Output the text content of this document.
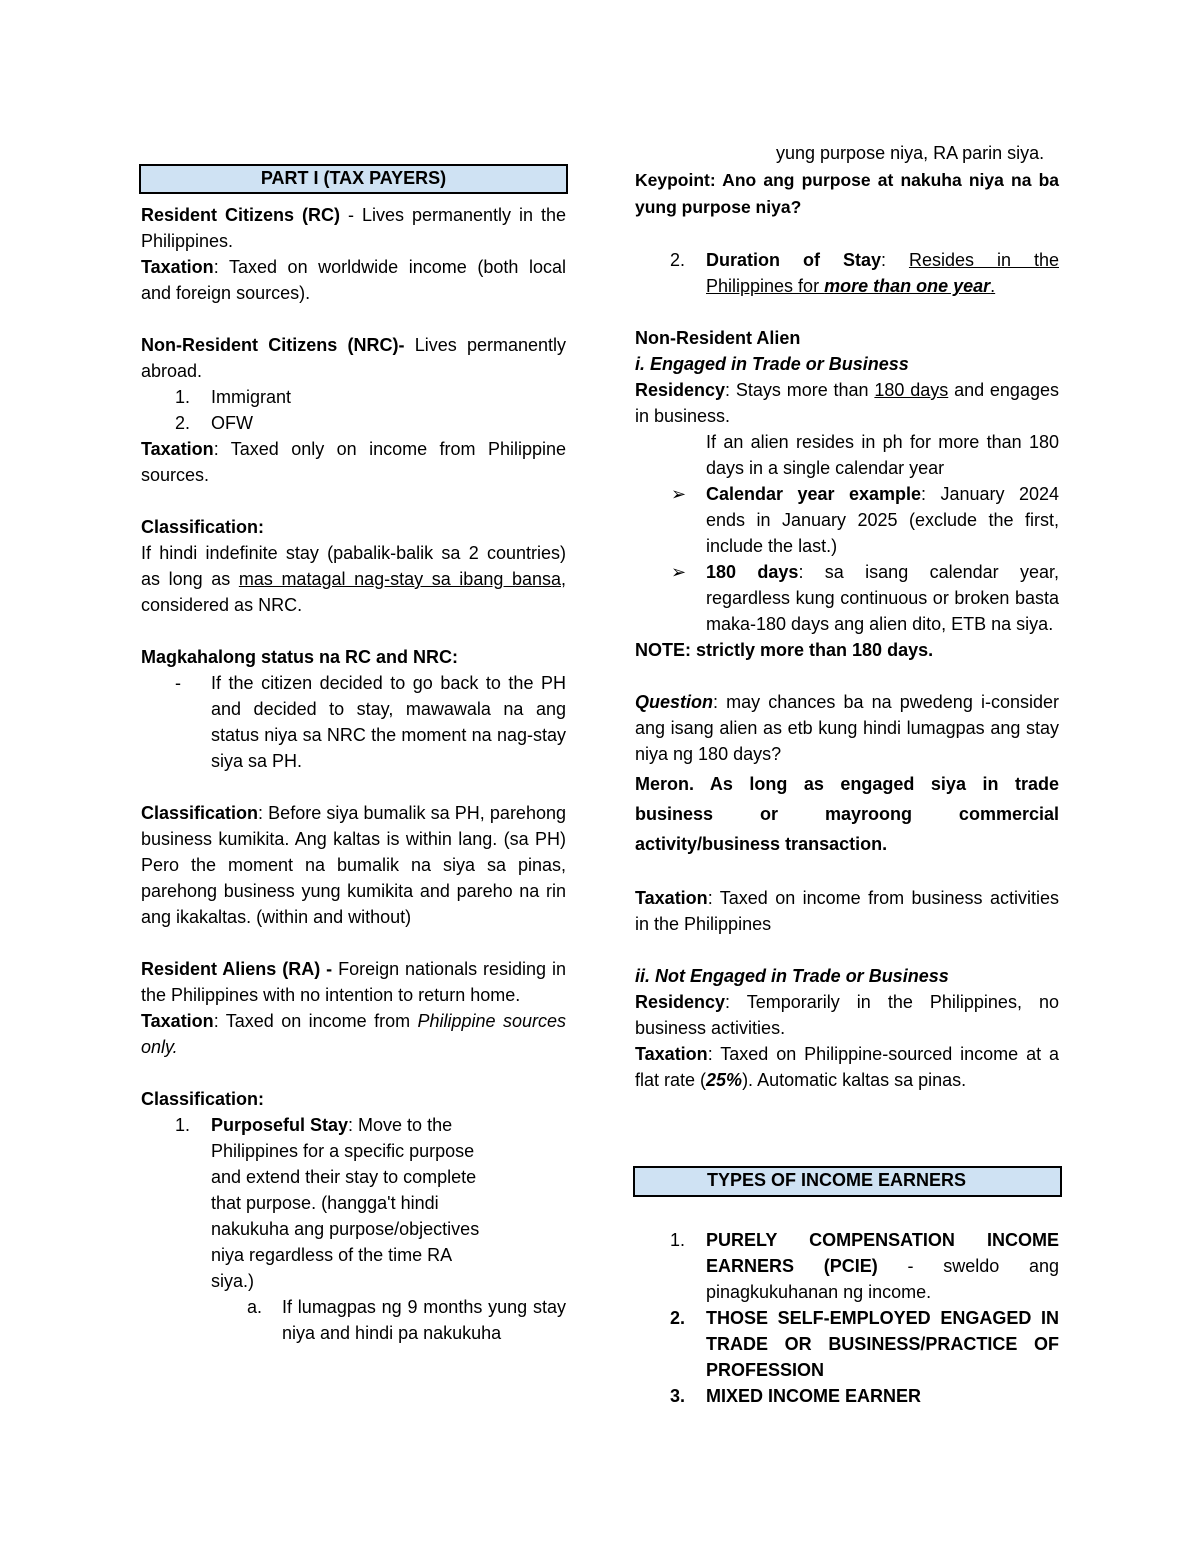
PART I (TAX PAYERS)

Resident Citizens (RC) - Lives permanently in the Philippines.

Taxation: Taxed on worldwide income (both local and foreign sources).

Non-Resident Citizens (NRC)- Lives permanently abroad.

1. Immigrant
2. OFW

Taxation: Taxed only on income from Philippine sources.

Classification:

If hindi indefinite stay (pabalik-balik sa 2 countries) as long as mas matagal nag-stay sa ibang bansa, considered as NRC.

Magkahalong status na RC and NRC:

- If the citizen decided to go back to the PH and decided to stay, mawawala na ang status niya sa NRC the moment na nag-stay siya sa PH.

Classification: Before siya bumalik sa PH, parehong business kumikita. Ang kaltas is within lang. (sa PH) Pero the moment na bumalik na siya sa pinas, parehong business yung kumikita and pareho na rin ang ikakaltas. (within and without)

Resident Aliens (RA) - Foreign nationals residing in the Philippines with no intention to return home.

Taxation: Taxed on income from Philippine sources only.

Classification:

1. Purposeful Stay: Move to the Philippines for a specific purpose and extend their stay to complete that purpose. (hangga't hindi nakukuha ang purpose/objectives niya regardless of the time RA siya.)
a. If lumagpas ng 9 months yung stay niya and hindi pa nakukuha

yung purpose niya, RA parin siya.

Keypoint: Ano ang purpose at nakuha niya na ba yung purpose niya?

2. Duration of Stay: Resides in the Philippines for more than one year.

Non-Resident Alien

i. Engaged in Trade or Business

Residency: Stays more than 180 days and engages in business.

If an alien resides in ph for more than 180 days in a single calendar year

➢ Calendar year example: January 2024 ends in January 2025 (exclude the first, include the last.)
➢ 180 days: sa isang calendar year, regardless kung continuous or broken basta maka-180 days ang alien dito, ETB na siya.

NOTE: strictly more than 180 days.

Question: may chances ba na pwedeng i-consider ang isang alien as etb kung hindi lumagpas ang stay niya ng 180 days?

Meron. As long as engaged siya in trade business or mayroong commercial activity/business transaction.

Taxation: Taxed on income from business activities in the Philippines

ii. Not Engaged in Trade or Business

Residency: Temporarily in the Philippines, no business activities.

Taxation: Taxed on Philippine-sourced income at a flat rate (25%). Automatic kaltas sa pinas.

TYPES OF INCOME EARNERS
1. PURELY COMPENSATION INCOME EARNERS (PCIE) - sweldo ang pinagkukuhanan ng income.
2. THOSE SELF-EMPLOYED ENGAGED IN TRADE OR BUSINESS/PRACTICE OF PROFESSION
3. MIXED INCOME EARNER
